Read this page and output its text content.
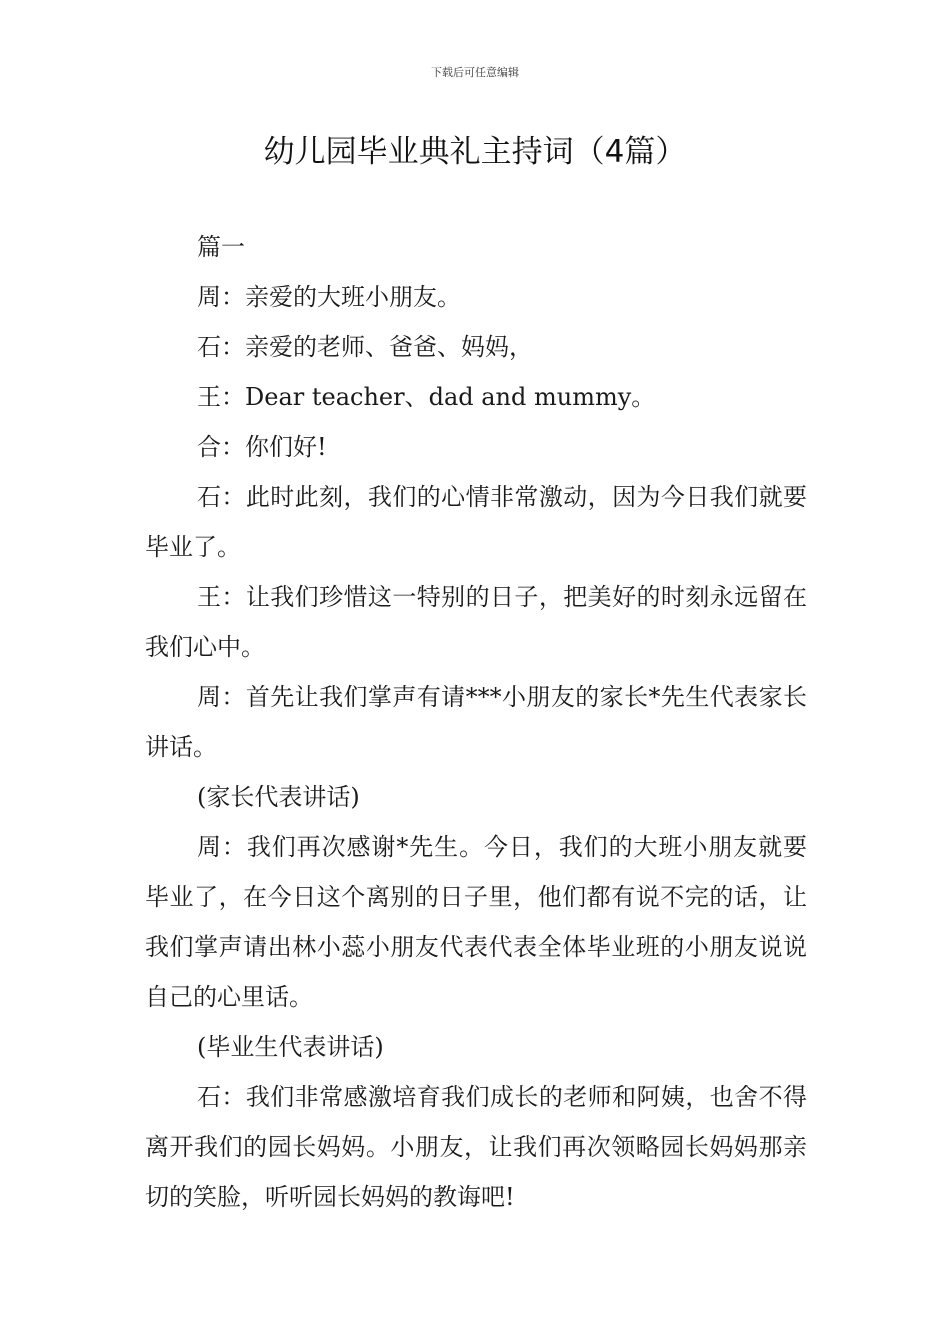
下载后可任意编辑
幼儿园毕业典礼主持词（4篇）

篇一

周：亲爱的大班小朋友。

石：亲爱的老师、爸爸、妈妈，

王：Dear teacher、dad and mummy。

合：你们好!

石：此时此刻，我们的心情非常激动，因为今日我们就要毕业了。

王：让我们珍惜这一特别的日子，把美好的时刻永远留在我们心中。

周：首先让我们掌声有请***小朋友的家长*先生代表家长讲话。

(家长代表讲话)

周：我们再次感谢*先生。今日，我们的大班小朋友就要毕业了，在今日这个离别的日子里，他们都有说不完的话，让我们掌声请出林小蕊小朋友代表代表全体毕业班的小朋友说说自己的心里话。

(毕业生代表讲话)

石：我们非常感激培育我们成长的老师和阿姨，也舍不得离开我们的园长妈妈。小朋友，让我们再次领略园长妈妈那亲切的笑脸，听听园长妈妈的教诲吧!
